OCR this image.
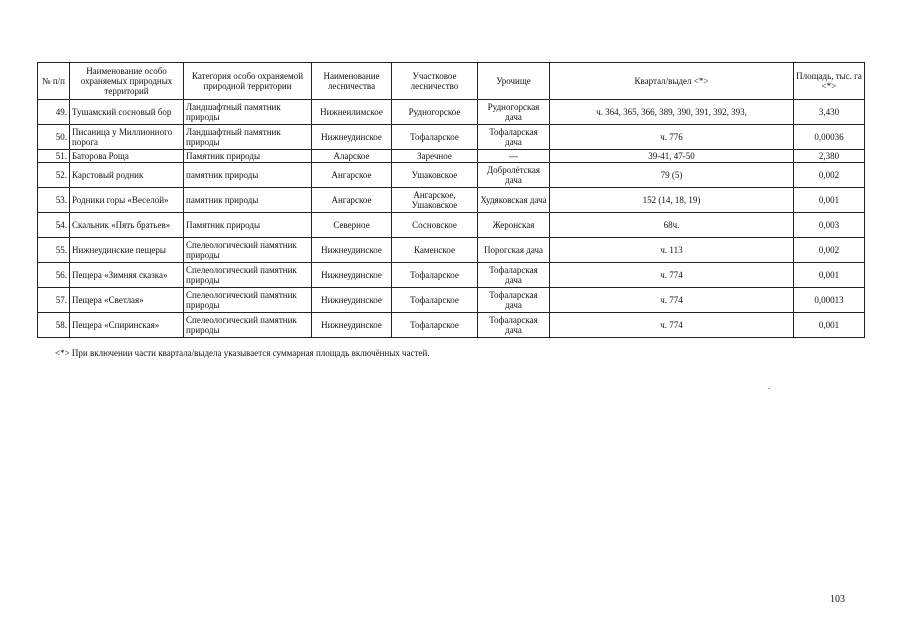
№ п/п	Наименование особо охраняемых природных территорий	Категория особо охраняемой природной территории	Наименование лесничества	Участковое лесничество	Урочище	Квартал/выдел <*>	Площадь, тыс. га <*>
49.	Тушамский сосновый бор	Ландшафтный памятник природы	Нижнеилимское	Рудногорское	Рудногорская дача	ч. 364, 365, 366, 389, 390, 391, 392, 393,	3,430
50.	Писаница у Миллионного порога	Ландшафтный памятник природы	Нижнеудинское	Тофаларское	Тофаларская дача	ч. 776	0,00036
51.	Баторова Роща	Памятник природы	Аларское	Заречное	---	39-41, 47-50	2,380
52.	Карстовый родник	памятник природы	Ангарское	Ушаковское	Добролётская дача	79 (5)	0,002
53.	Родники горы «Веселой»	памятник природы	Ангарское	Ангарское, Ушаковское	Худяковская дача	152 (14, 18, 19)	0,001
54.	Скальник «Пять братьев»	Памятник природы	Северное	Сосновское	Жеронская	68ч.	0,003
55.	Нижнеудинские пещеры	Спелеологический памятник природы	Нижнеудинское	Каменское	Порогская дача	ч. 113	0,002
56.	Пещера «Зимняя сказка»	Спелеологический памятник природы	Нижнеудинское	Тофаларское	Тофаларская дача	ч. 774	0,001
57.	Пещера «Светлая»	Спелеологический памятник природы	Нижнеудинское	Тофаларское	Тофаларская дача	ч. 774	0,00013
58.	Пещера «Спиринская»	Спелеологический памятник природы	Нижнеудинское	Тофаларское	Тофаларская дача	ч. 774	0,001
<*> При включении части квартала/выдела указывается суммарная площадь включённых частей.
103
